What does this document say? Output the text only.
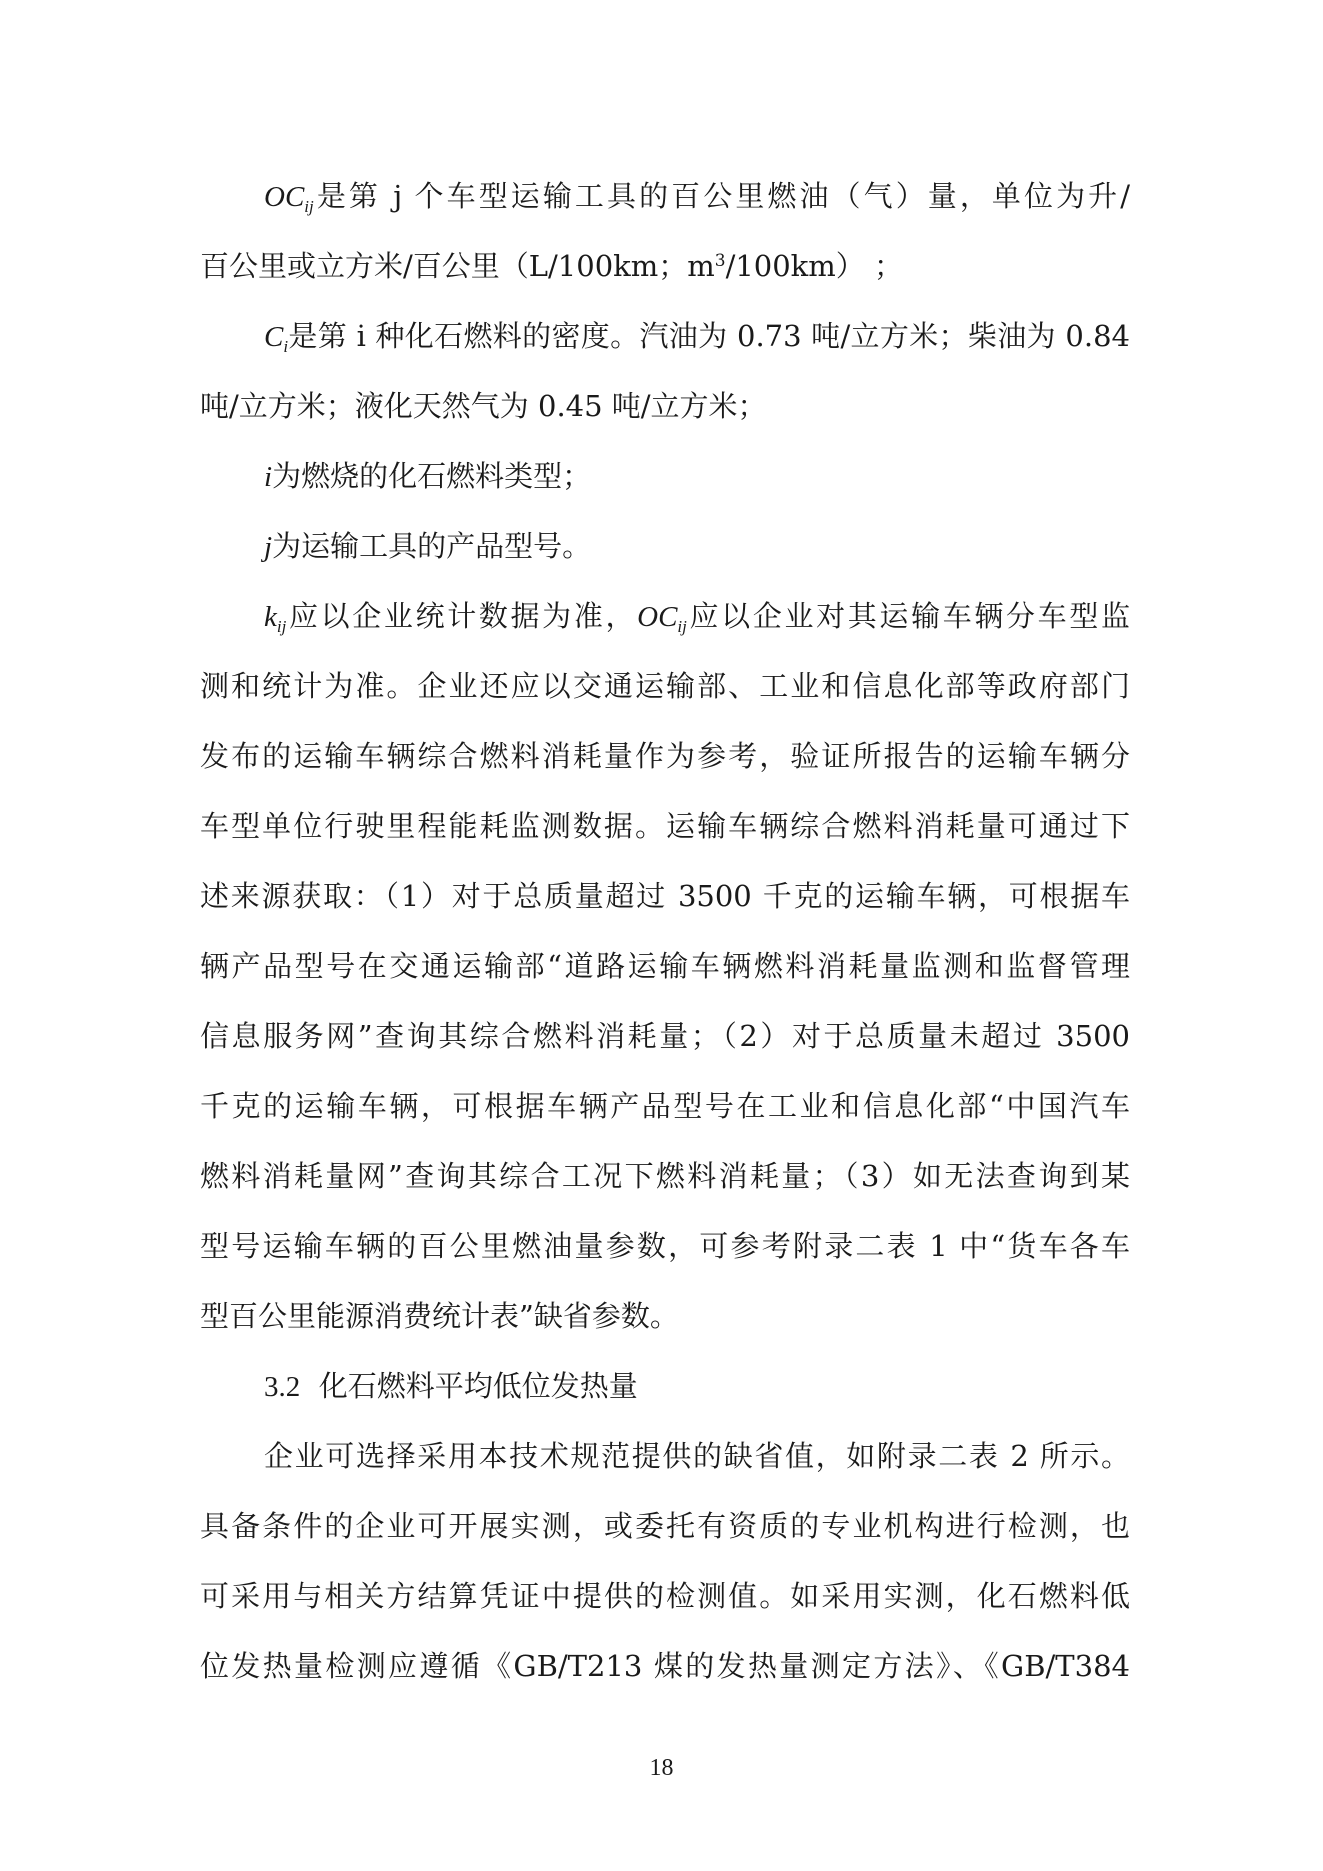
$OC_{ij}$是第 j 个车型运输工具的百公里燃油（气）量，单位为升/
百公里或立方米/百公里（L/100km；$m^3/100km$） ；
$C_i$是第 i 种化石燃料的密度。汽油为 0.73 吨/立方米；柴油为 0.84
吨/立方米；液化天然气为 0.45 吨/立方米；
i为燃烧的化石燃料类型；
j为运输工具的产品型号。
$k_{ij}$应以企业统计数据为准，$OC_{ij}$应以企业对其运输车辆分车型监
测和统计为准。企业还应以交通运输部、工业和信息化部等政府部门
发布的运输车辆综合燃料消耗量作为参考，验证所报告的运输车辆分
车型单位行驶里程能耗监测数据。运输车辆综合燃料消耗量可通过下
述来源获取：（1）对于总质量超过 3500 千克的运输车辆，可根据车
辆产品型号在交通运输部“道路运输车辆燃料消耗量监测和监督管理
信息服务网”查询其综合燃料消耗量；（2）对于总质量未超过 3500
千克的运输车辆，可根据车辆产品型号在工业和信息化部“中国汽车
燃料消耗量网”查询其综合工况下燃料消耗量；（3）如无法查询到某
型号运输车辆的百公里燃油量参数，可参考附录二表 1 中“货车各车
型百公里能源消费统计表”缺省参数。
3.2 化石燃料平均低位发热量
企业可选择采用本技术规范提供的缺省值，如附录二表 2 所示。
具备条件的企业可开展实测，或委托有资质的专业机构进行检测，也
可采用与相关方结算凭证中提供的检测值。如采用实测，化石燃料低
位发热量检测应遵循《GB/T213 煤的发热量测定方法》、《GB/T384
18
